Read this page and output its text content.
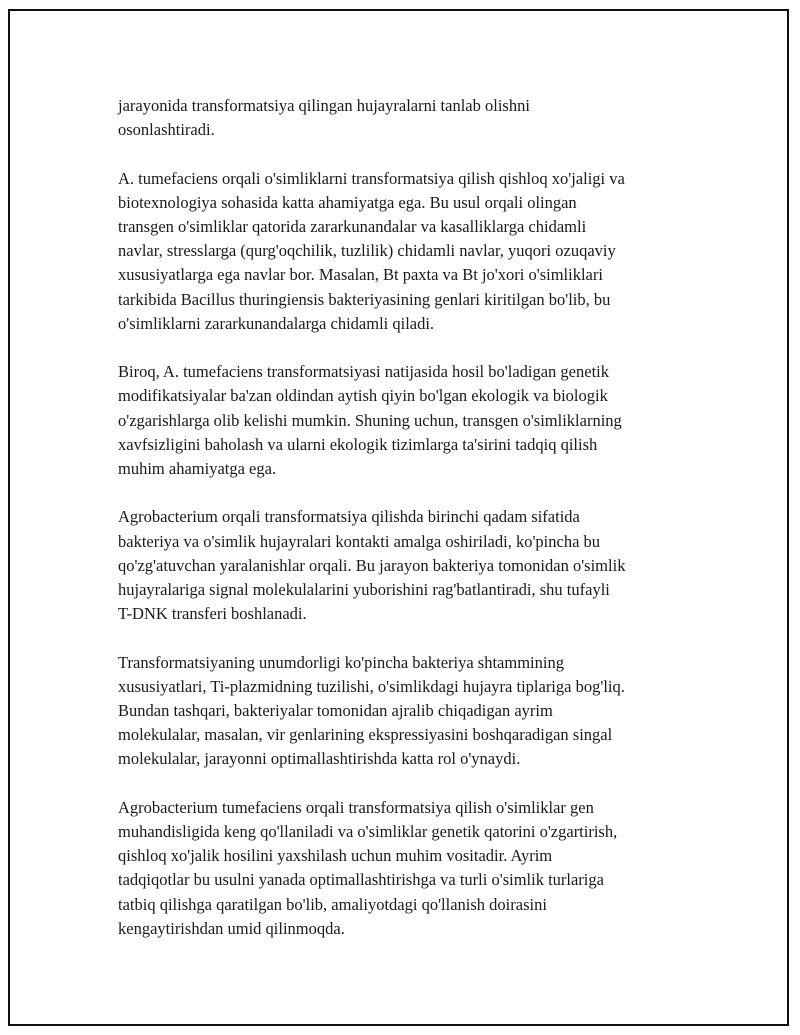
jarayonida transformatsiya qilingan hujayralarni tanlab olishni
osonlashtiradi.

A. tumefaciens orqali o'simliklarni transformatsiya qilish qishloq xo'jaligi va
biotexnologiya sohasida katta ahamiyatga ega. Bu usul orqali olingan
transgen o'simliklar qatorida zararkunandalar va kasalliklarga chidamli
navlar, stresslarga (qurg'oqchilik, tuzlilik) chidamli navlar, yuqori ozuqaviy
xususiyatlarga ega navlar bor. Masalan, Bt paxta va Bt jo'xori o'simliklari
tarkibida Bacillus thuringiensis bakteriyasining genlari kiritilgan bo'lib, bu
o'simliklarni zararkunandalarga chidamli qiladi.

Biroq, A. tumefaciens transformatsiyasi natijasida hosil bo'ladigan genetik
modifikatsiyalar ba'zan oldindan aytish qiyin bo'lgan ekologik va biologik
o'zgarishlarga olib kelishi mumkin. Shuning uchun, transgen o'simliklarning
xavfsizligini baholash va ularni ekologik tizimlarga ta'sirini tadqiq qilish
muhim ahamiyatga ega.

Agrobacterium orqali transformatsiya qilishda birinchi qadam sifatida
bakteriya va o'simlik hujayralari kontakti amalga oshiriladi, ko'pincha bu
qo'zg'atuvchan yaralanishlar orqali. Bu jarayon bakteriya tomonidan o'simlik
hujayralariga signal molekulalarini yuborishini rag'batlantiradi, shu tufayli
T-DNK transferi boshlanadi.

Transformatsiyaning unumdorligi ko'pincha bakteriya shtammining
xususiyatlari, Ti-plazmidning tuzilishi, o'simlikdagi hujayra tiplariga bog'liq.
Bundan tashqari, bakteriyalar tomonidan ajralib chiqadigan ayrim
molekulalar, masalan, vir genlarining ekspressiyasini boshqaradigan singal
molekulalar, jarayonni optimallashtirishda katta rol o'ynaydi.

Agrobacterium tumefaciens orqali transformatsiya qilish o'simliklar gen
muhandisligida keng qo'llaniladi va o'simliklar genetik qatorini o'zgartirish,
qishloq xo'jalik hosilini yaxshilash uchun muhim vositadir. Ayrim
tadqiqotlar bu usulni yanada optimallashtirishga va turli o'simlik turlariga
tatbiq qilishga qaratilgan bo'lib, amaliyotdagi qo'llanish doirasini
kengaytirishdan umid qilinmoqda.
